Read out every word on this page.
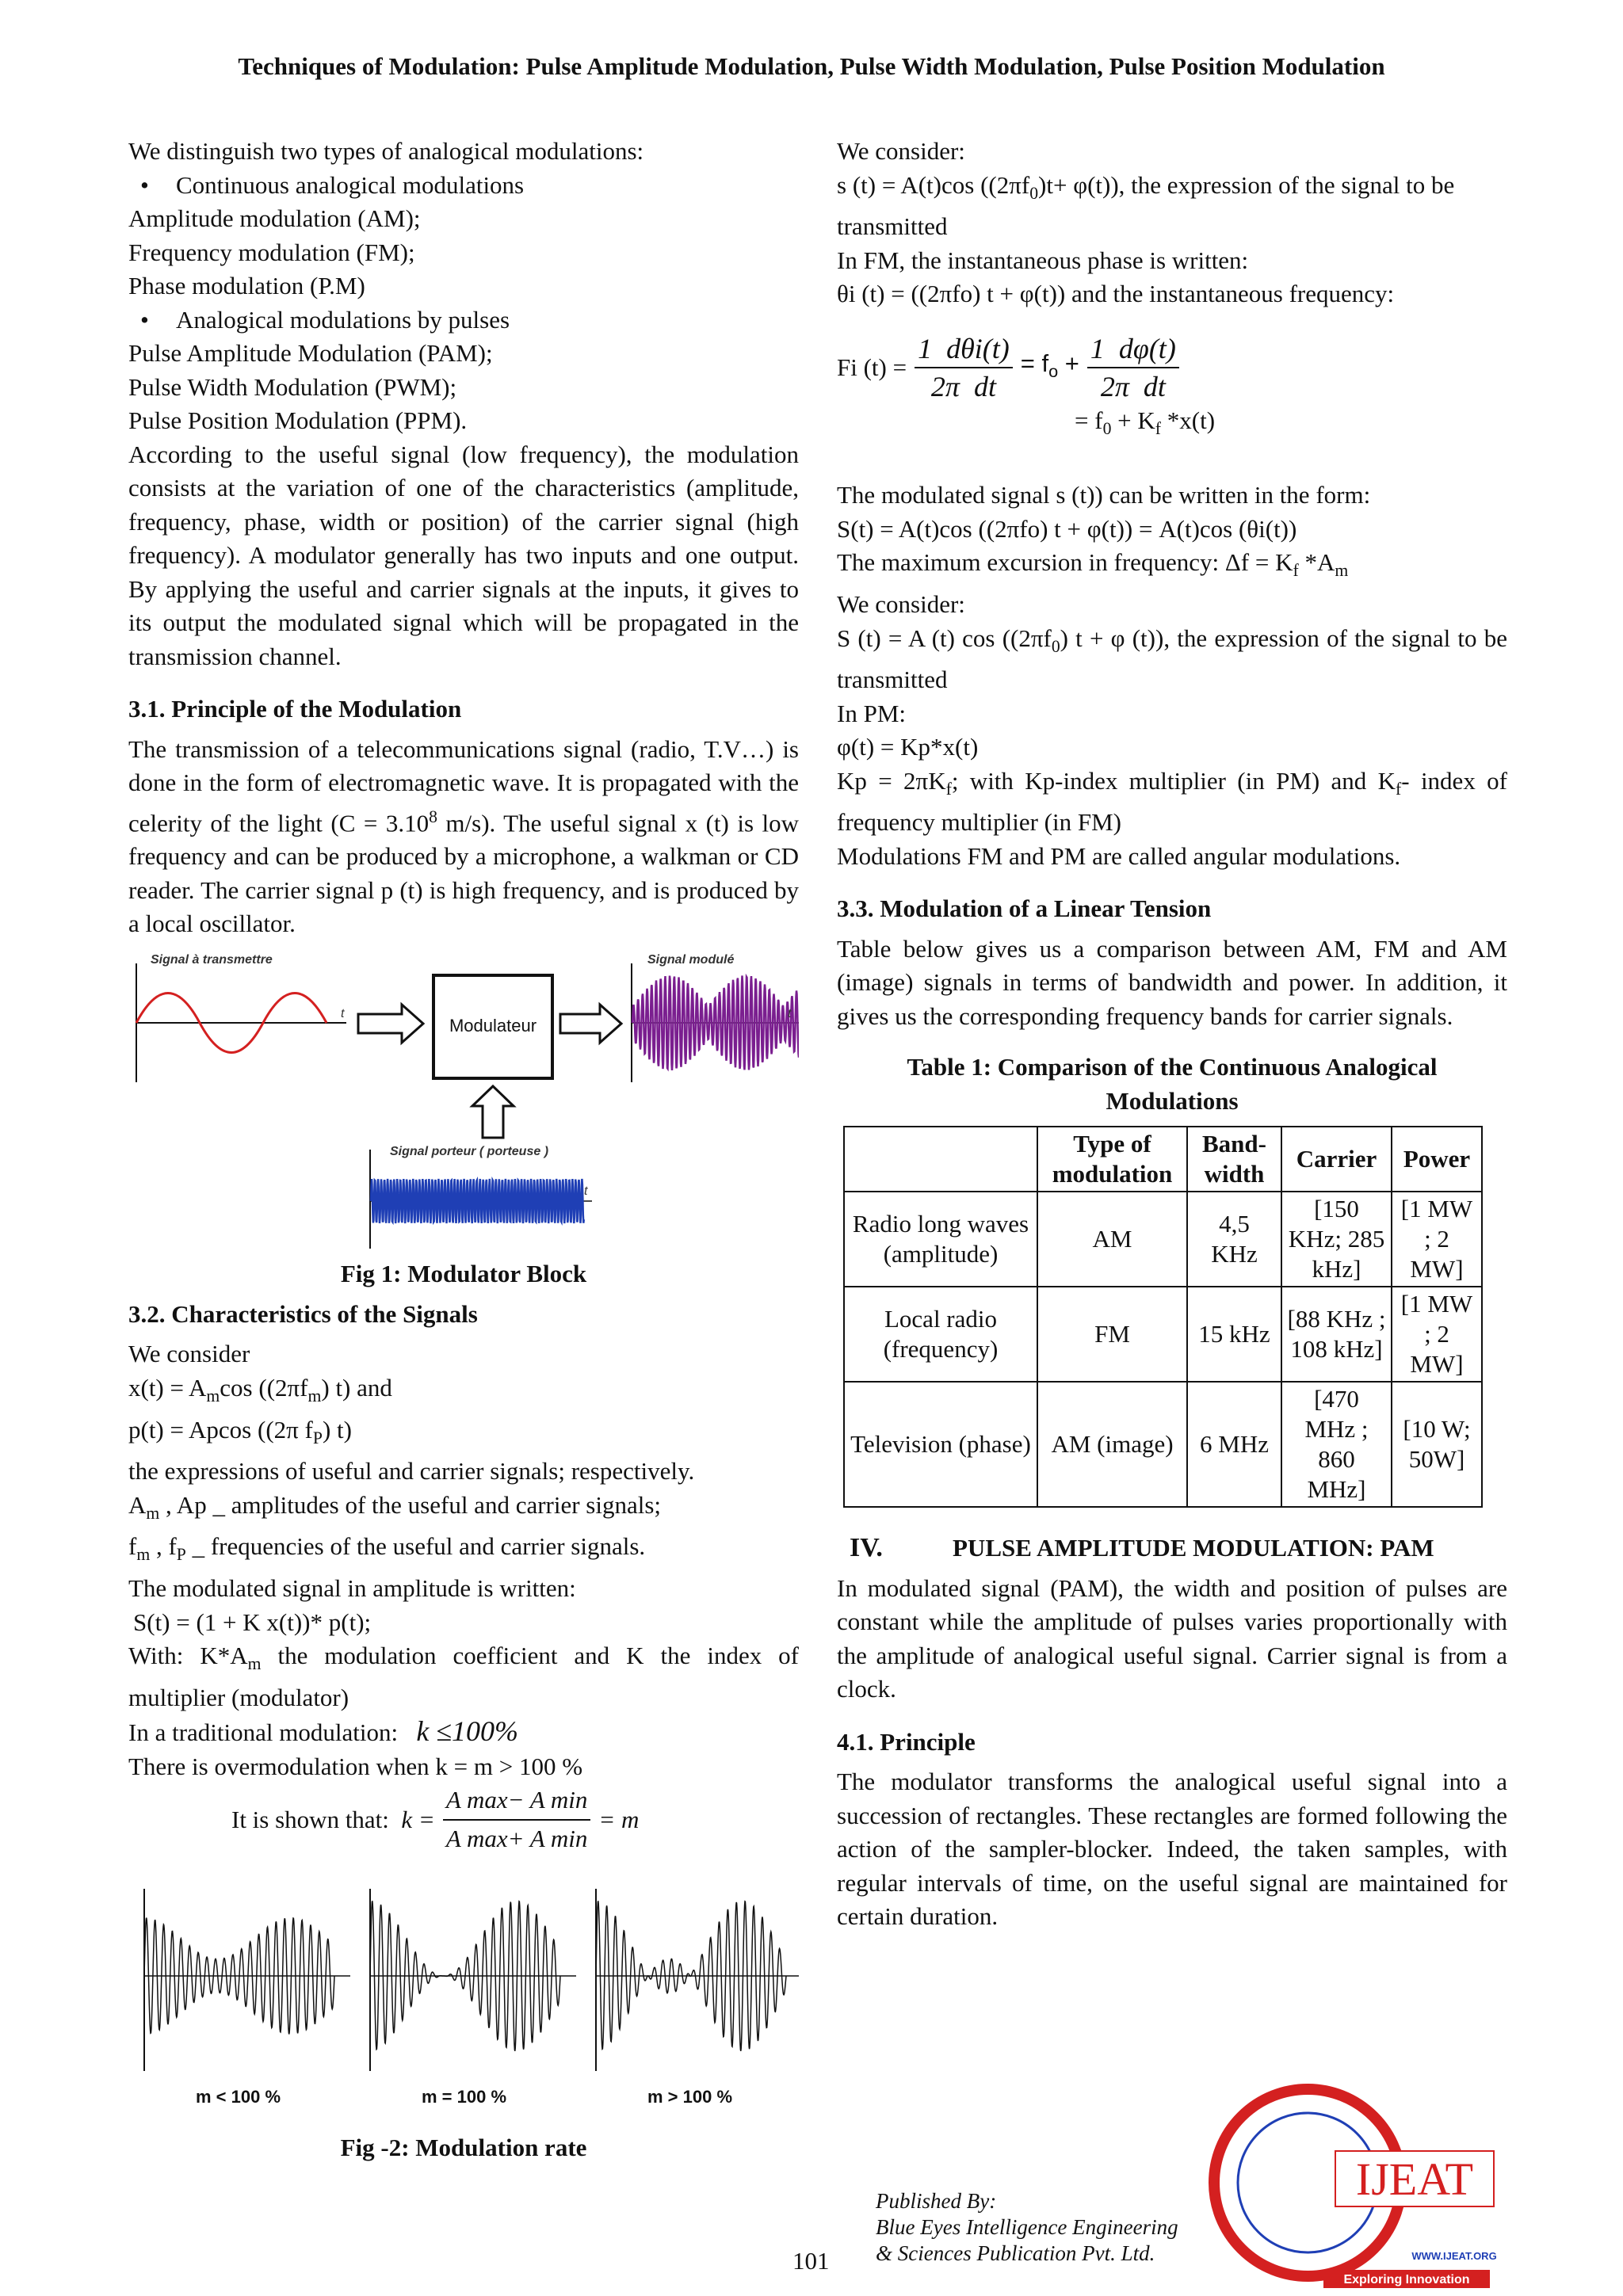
Techniques of Modulation: Pulse Amplitude Modulation, Pulse Width Modulation, Pulse Position Modulation

We distinguish two types of analogical modulations:

• Continuous analogical modulations

Amplitude modulation (AM);

Frequency modulation (FM);

Phase modulation (P.M)

• Analogical modulations by pulses

Pulse Amplitude Modulation (PAM);

Pulse Width Modulation (PWM);

Pulse Position Modulation (PPM).

According to the useful signal (low frequency), the modulation consists at the variation of one of the characteristics (amplitude, frequency, phase, width or position) of the carrier signal (high frequency). A modulator generally has two inputs and one output. By applying the useful and carrier signals at the inputs, it gives to its output the modulated signal which will be propagated in the transmission channel.

3.1. Principle of the Modulation

The transmission of a telecommunications signal (radio, T.V…) is done in the form of electromagnetic wave. It is propagated with the celerity of the light ($C = 3.10^8$ m/s). The useful signal x (t) is low frequency and can be produced by a microphone, a walkman or CD reader. The carrier signal p (t) is high frequency, and is produced by a local oscillator.

Signal à transmettre
t
Modulateur
Signal modulé
t
Signal porteur ( porteuse )
t

Fig 1: Modulator Block

3.2. Characteristics of the Signals

We consider

$x(t) = A_m\cos$ ($(2\pi f_m)$ t) and

p(t) = Apcos ((2π $f_P$) t)

the expressions of useful and carrier signals; respectively.

$A_m$ , Ap _ amplitudes of the useful and carrier signals;

$f_m$ , $f_P$ _ frequencies of the useful and carrier signals.

The modulated signal in amplitude is written:

S(t) = (1 + K x(t))* p(t);

With: $K*A_m$ the modulation coefficient and K the index of multiplier (modulator)

In a traditional modulation: k ≤100%

There is overmodulation when k = m > 100 %

It is shown that:
$k = \frac{\text{A max− A min}}{\text{A max+ A min}} = m$
m < 100 %	m = 100 %	m > 100 %

Fig -2: Modulation rate

We consider:

s (t) = A(t)cos $((2\pi f_0)t+ \varphi(t))$, the expression of the signal to be transmitted

In FM, the instantaneous phase is written:

θi (t) = ((2πfo) t + φ(t)) and the instantaneous frequency:

Fi $(t) = \frac{\text{1 dθi(t)}}{\text{2π dt}} = f_o + \frac{1 d\varphi(t)}{\text{2π dt}}$

= $f_0 + K_f$ *x(t)

The modulated signal s (t)) can be written in the form:

S(t) = A(t)cos ((2πfo) t + φ(t)) = A(t)cos (θi(t))

The maximum excursion in frequency: $\Delta f = K_f$ $*A_m$

We consider:

S (t) = A (t) $\cos ((2\pi f_0) t + \varphi$ (t)), the expression of the signal to be transmitted

In PM:

φ(t) = Kp*x(t)

$Kp = 2\pi K_f$; with Kp-index multiplier (in PM) and $K_f-$ index of frequency multiplier (in FM)

Modulations FM and PM are called angular modulations.

3.3. Modulation of a Linear Tension

Table below gives us a comparison between AM, FM and AM (image) signals in terms of bandwidth and power. In addition, it gives us the corresponding frequency bands for carrier signals.

Table 1: Comparison of the Continuous Analogical Modulations

	Type of modulation	Band-width	Carrier	Power
Radio long waves (amplitude)	AM	4,5 KHz	[150 KHz; 285 kHz]	[1 MW ; 2 MW]
Local radio (frequency)	FM	15 kHz	[88 KHz ; 108 kHz]	[1 MW ; 2 MW]
Television (phase)	AM (image)	6 MHz	[470 MHz ; 860 MHz]	[10 W; 50W]

IV.	PULSE AMPLITUDE MODULATION: PAM

In modulated signal (PAM), the width and position of pulses are constant while the amplitude of pulses varies proportionally with the amplitude of analogical useful signal. Carrier signal is from a clock.

4.1. Principle

The modulator transforms the analogical useful signal into a succession of rectangles. These rectangles are formed following the action of the sampler-blocker. Indeed, the taken samples, with regular intervals of time, on the useful signal are maintained for certain duration.

Published By:
Blue Eyes Intelligence Engineering
& Sciences Publication Pvt. Ltd.
101
IJEAT
WWW.IJEAT.ORG
Exploring Innovation
